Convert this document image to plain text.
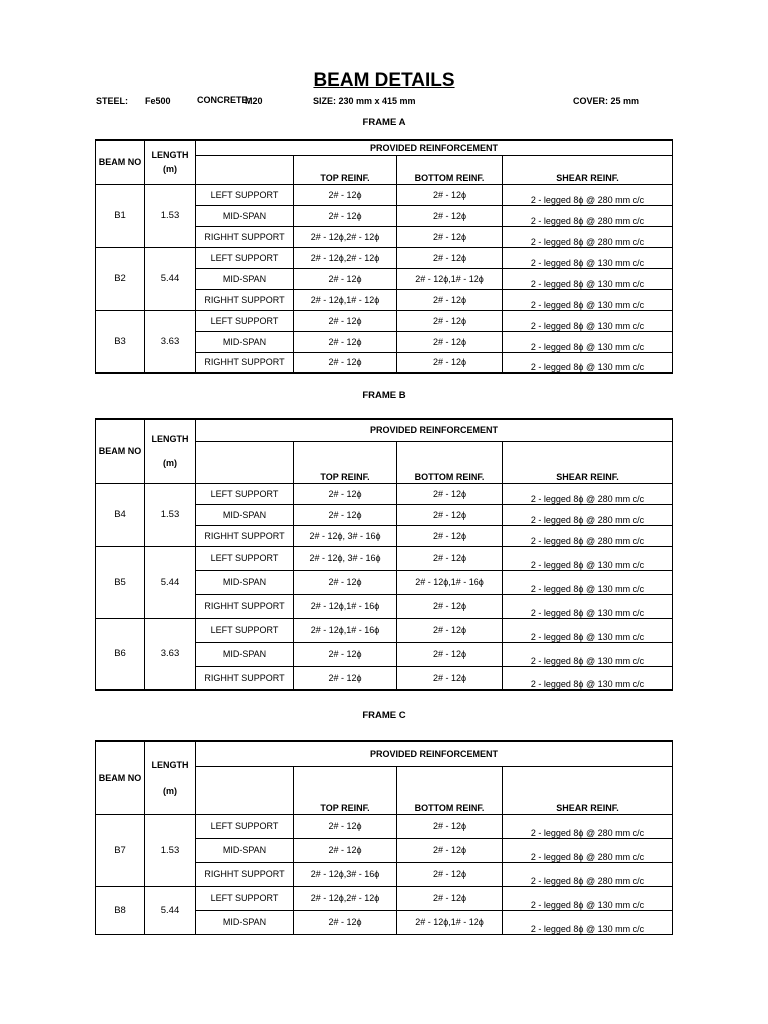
BEAM DETAILS
STEEL: Fe500	CONCRETE:
M20	SIZE: 230 mm x 415 mm	COVER: 25 mm
FRAME A
BEAM NO	LENGTH
(m)	PROVIDED REINFORCEMENT			
			TOP REINF.	BOTTOM REINF.	SHEAR REINF.
B1	1.53	LEFT SUPPORT	2# - 12ϕ	2# - 12ϕ	2 - legged 8ϕ @ 280 mm c/c
		MID-SPAN	2# - 12ϕ	2# - 12ϕ	2 - legged 8ϕ @ 280 mm c/c
		RIGHHT SUPPORT	2# - 12ϕ,2# - 12ϕ	2# - 12ϕ	2 - legged 8ϕ @ 280 mm c/c
B2	5.44	LEFT SUPPORT	2# - 12ϕ,2# - 12ϕ	2# - 12ϕ	2 - legged 8ϕ @ 130 mm c/c
		MID-SPAN	2# - 12ϕ	2# - 12ϕ,1# - 12ϕ	2 - legged 8ϕ @ 130 mm c/c
		RIGHHT SUPPORT	2# - 12ϕ,1# - 12ϕ	2# - 12ϕ	2 - legged 8ϕ @ 130 mm c/c
B3	3.63	LEFT SUPPORT	2# - 12ϕ	2# - 12ϕ	2 - legged 8ϕ @ 130 mm c/c
		MID-SPAN	2# - 12ϕ	2# - 12ϕ	2 - legged 8ϕ @ 130 mm c/c
		RIGHHT SUPPORT	2# - 12ϕ	2# - 12ϕ	2 - legged 8ϕ @ 130 mm c/c
FRAME B
BEAM NO	LENGTH
(m)	PROVIDED REINFORCEMENT			
			TOP REINF.	BOTTOM REINF.	SHEAR REINF.
B4	1.53	LEFT SUPPORT	2# - 12ϕ	2# - 12ϕ	2 - legged 8ϕ @ 280 mm c/c
		MID-SPAN	2# - 12ϕ	2# - 12ϕ	2 - legged 8ϕ @ 280 mm c/c
		RIGHHT SUPPORT	2# - 12ϕ, 3# - 16ϕ	2# - 12ϕ	2 - legged 8ϕ @ 280 mm c/c
B5	5.44	LEFT SUPPORT	2# - 12ϕ, 3# - 16ϕ	2# - 12ϕ	2 - legged 8ϕ @ 130 mm c/c
		MID-SPAN	2# - 12ϕ	2# - 12ϕ,1# - 16ϕ	2 - legged 8ϕ @ 130 mm c/c
		RIGHHT SUPPORT	2# - 12ϕ,1# - 16ϕ	2# - 12ϕ	2 - legged 8ϕ @ 130 mm c/c
B6	3.63	LEFT SUPPORT	2# - 12ϕ,1# - 16ϕ	2# - 12ϕ	2 - legged 8ϕ @ 130 mm c/c
		MID-SPAN	2# - 12ϕ	2# - 12ϕ	2 - legged 8ϕ @ 130 mm c/c
		RIGHHT SUPPORT	2# - 12ϕ	2# - 12ϕ	2 - legged 8ϕ @ 130 mm c/c
FRAME C
BEAM NO	LENGTH
(m)	PROVIDED REINFORCEMENT			
			TOP REINF.	BOTTOM REINF.	SHEAR REINF.
B7	1.53	LEFT SUPPORT	2# - 12ϕ	2# - 12ϕ	2 - legged 8ϕ @ 280 mm c/c
		MID-SPAN	2# - 12ϕ	2# - 12ϕ	2 - legged 8ϕ @ 280 mm c/c
		RIGHHT SUPPORT	2# - 12ϕ,3# - 16ϕ	2# - 12ϕ	2 - legged 8ϕ @ 280 mm c/c
B8	5.44	LEFT SUPPORT	2# - 12ϕ,2# - 12ϕ	2# - 12ϕ	2 - legged 8ϕ @ 130 mm c/c
		MID-SPAN	2# - 12ϕ	2# - 12ϕ,1# - 12ϕ	2 - legged 8ϕ @ 130 mm c/c
